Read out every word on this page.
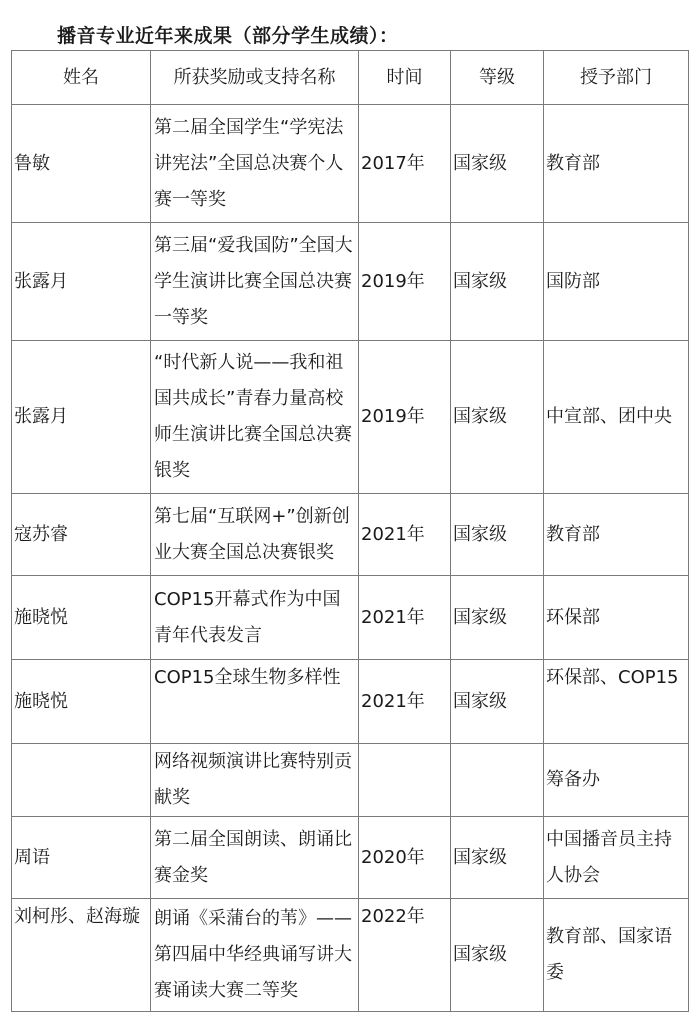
播音专业近年来成果（部分学生成绩）：
姓名	所获奖励或支持名称	时间	等级	授予部门
鲁敏	第二届全国学生“学宪法讲宪法”全国总决赛个人赛一等奖	2017年	国家级	教育部
张露月	第三届“爱我国防”全国大学生演讲比赛全国总决赛一等奖	2019年	国家级	国防部
张露月	“时代新人说——我和祖国共成长”青春力量高校师生演讲比赛全国总决赛银奖	2019年	国家级	中宣部、团中央
寇苏睿	第七届“互联网+”创新创业大赛全国总决赛银奖	2021年	国家级	教育部
施晓悦	COP15开幕式作为中国青年代表发言	2021年	国家级	环保部
施晓悦	COP15全球生物多样性	2021年	国家级	环保部、COP15
	网络视频演讲比赛特别贡献奖			筹备办
周语	第二届全国朗读、朗诵比赛金奖	2020年	国家级	中国播音员主持人协会
刘柯彤、赵海璇	朗诵《采蒲台的苇》——第四届中华经典诵写讲大赛诵读大赛二等奖	2022年	国家级	教育部、国家语委
